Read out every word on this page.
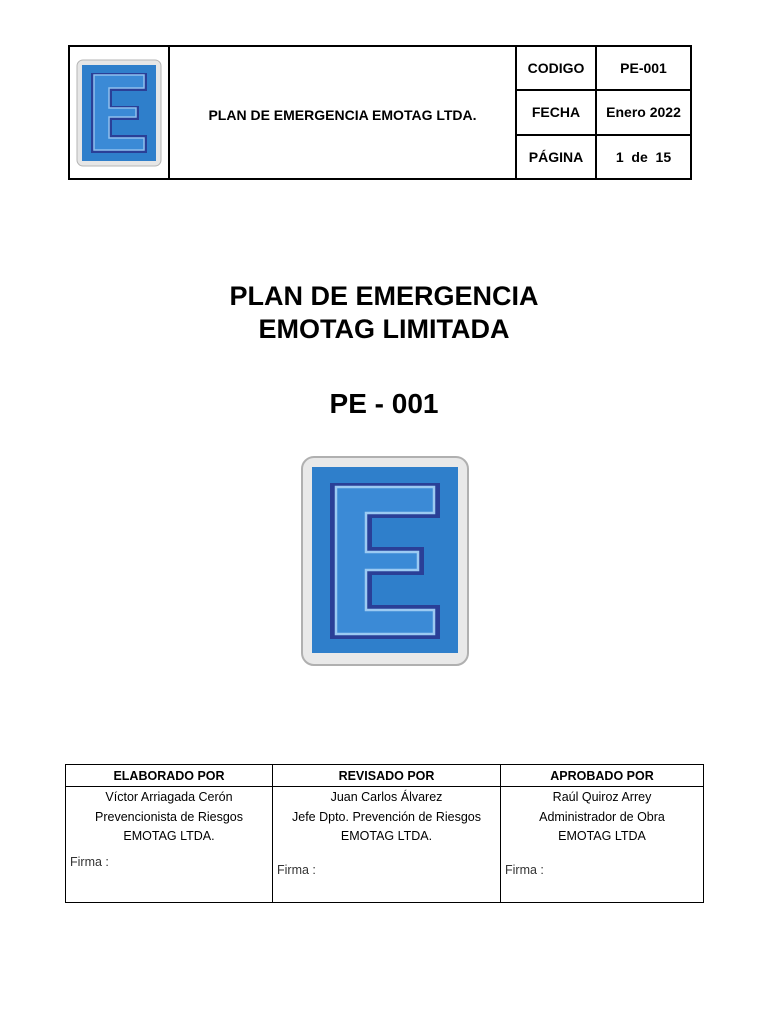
PLAN DE EMERGENCIA EMOTAG LTDA.
CODIGO	PE-001
FECHA	Enero 2022
PÁGINA	1  de  15
PLAN DE EMERGENCIA
EMOTAG LIMITADA
PE - 001
ELABORADO POR
Víctor Arriagada Cerón
Prevencionista de Riesgos
EMOTAG LTDA.
Firma :
REVISADO POR
Juan Carlos Álvarez
Jefe Dpto. Prevención de Riesgos
EMOTAG LTDA.
Firma :
APROBADO POR
Raúl Quiroz Arrey
Administrador de Obra
EMOTAG LTDA
Firma :
